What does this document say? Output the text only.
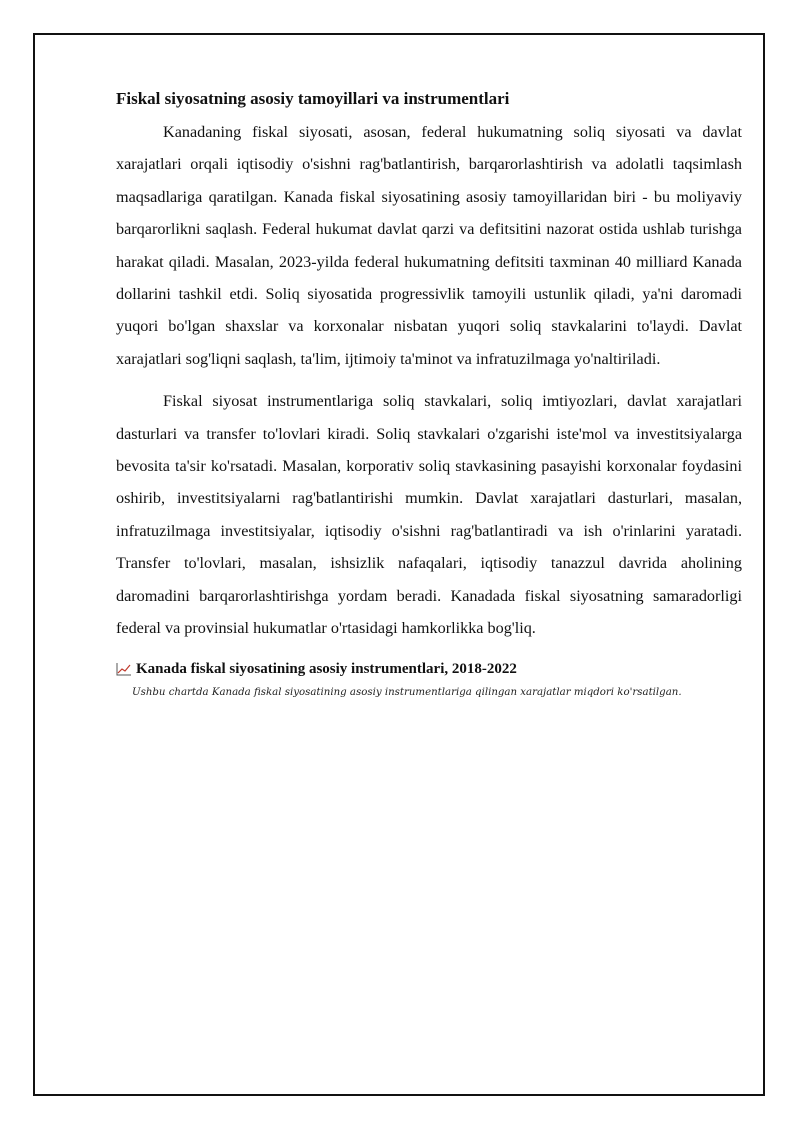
Fiskal siyosatning asosiy tamoyillari va instrumentlari

Kanadaning fiskal siyosati, asosan, federal hukumatning soliq siyosati va davlat xarajatlari orqali iqtisodiy o'sishni rag'batlantirish, barqarorlashtirish va adolatli taqsimlash maqsadlariga qaratilgan. Kanada fiskal siyosatining asosiy tamoyillaridan biri - bu moliyaviy barqarorlikni saqlash. Federal hukumat davlat qarzi va defitsitini nazorat ostida ushlab turishga harakat qiladi. Masalan, 2023-yilda federal hukumatning defitsiti taxminan 40 milliard Kanada dollarini tashkil etdi. Soliq siyosatida progressivlik tamoyili ustunlik qiladi, ya'ni daromadi yuqori bo'lgan shaxslar va korxonalar nisbatan yuqori soliq stavkalarini to'laydi. Davlat xarajatlari sog'liqni saqlash, ta'lim, ijtimoiy ta'minot va infratuzilmaga yo'naltiriladi.

Fiskal siyosat instrumentlariga soliq stavkalari, soliq imtiyozlari, davlat xarajatlari dasturlari va transfer to'lovlari kiradi. Soliq stavkalari o'zgarishi iste'mol va investitsiyalarga bevosita ta'sir ko'rsatadi. Masalan, korporativ soliq stavkasining pasayishi korxonalar foydasini oshirib, investitsiyalarni rag'batlantirishi mumkin. Davlat xarajatlari dasturlari, masalan, infratuzilmaga investitsiyalar, iqtisodiy o'sishni rag'batlantiradi va ish o'rinlarini yaratadi. Transfer to'lovlari, masalan, ishsizlik nafaqalari, iqtisodiy tanazzul davrida aholining daromadini barqarorlashtirishga yordam beradi. Kanadada fiskal siyosatning samaradorligi federal va provinsial hukumatlar o'rtasidagi hamkorlikka bog'liq.

Kanada fiskal siyosatining asosiy instrumentlari, 2018-2022
Ushbu chartda Kanada fiskal siyosatining asosiy instrumentlariga qilingan xarajatlar miqdori ko'rsatilgan.
